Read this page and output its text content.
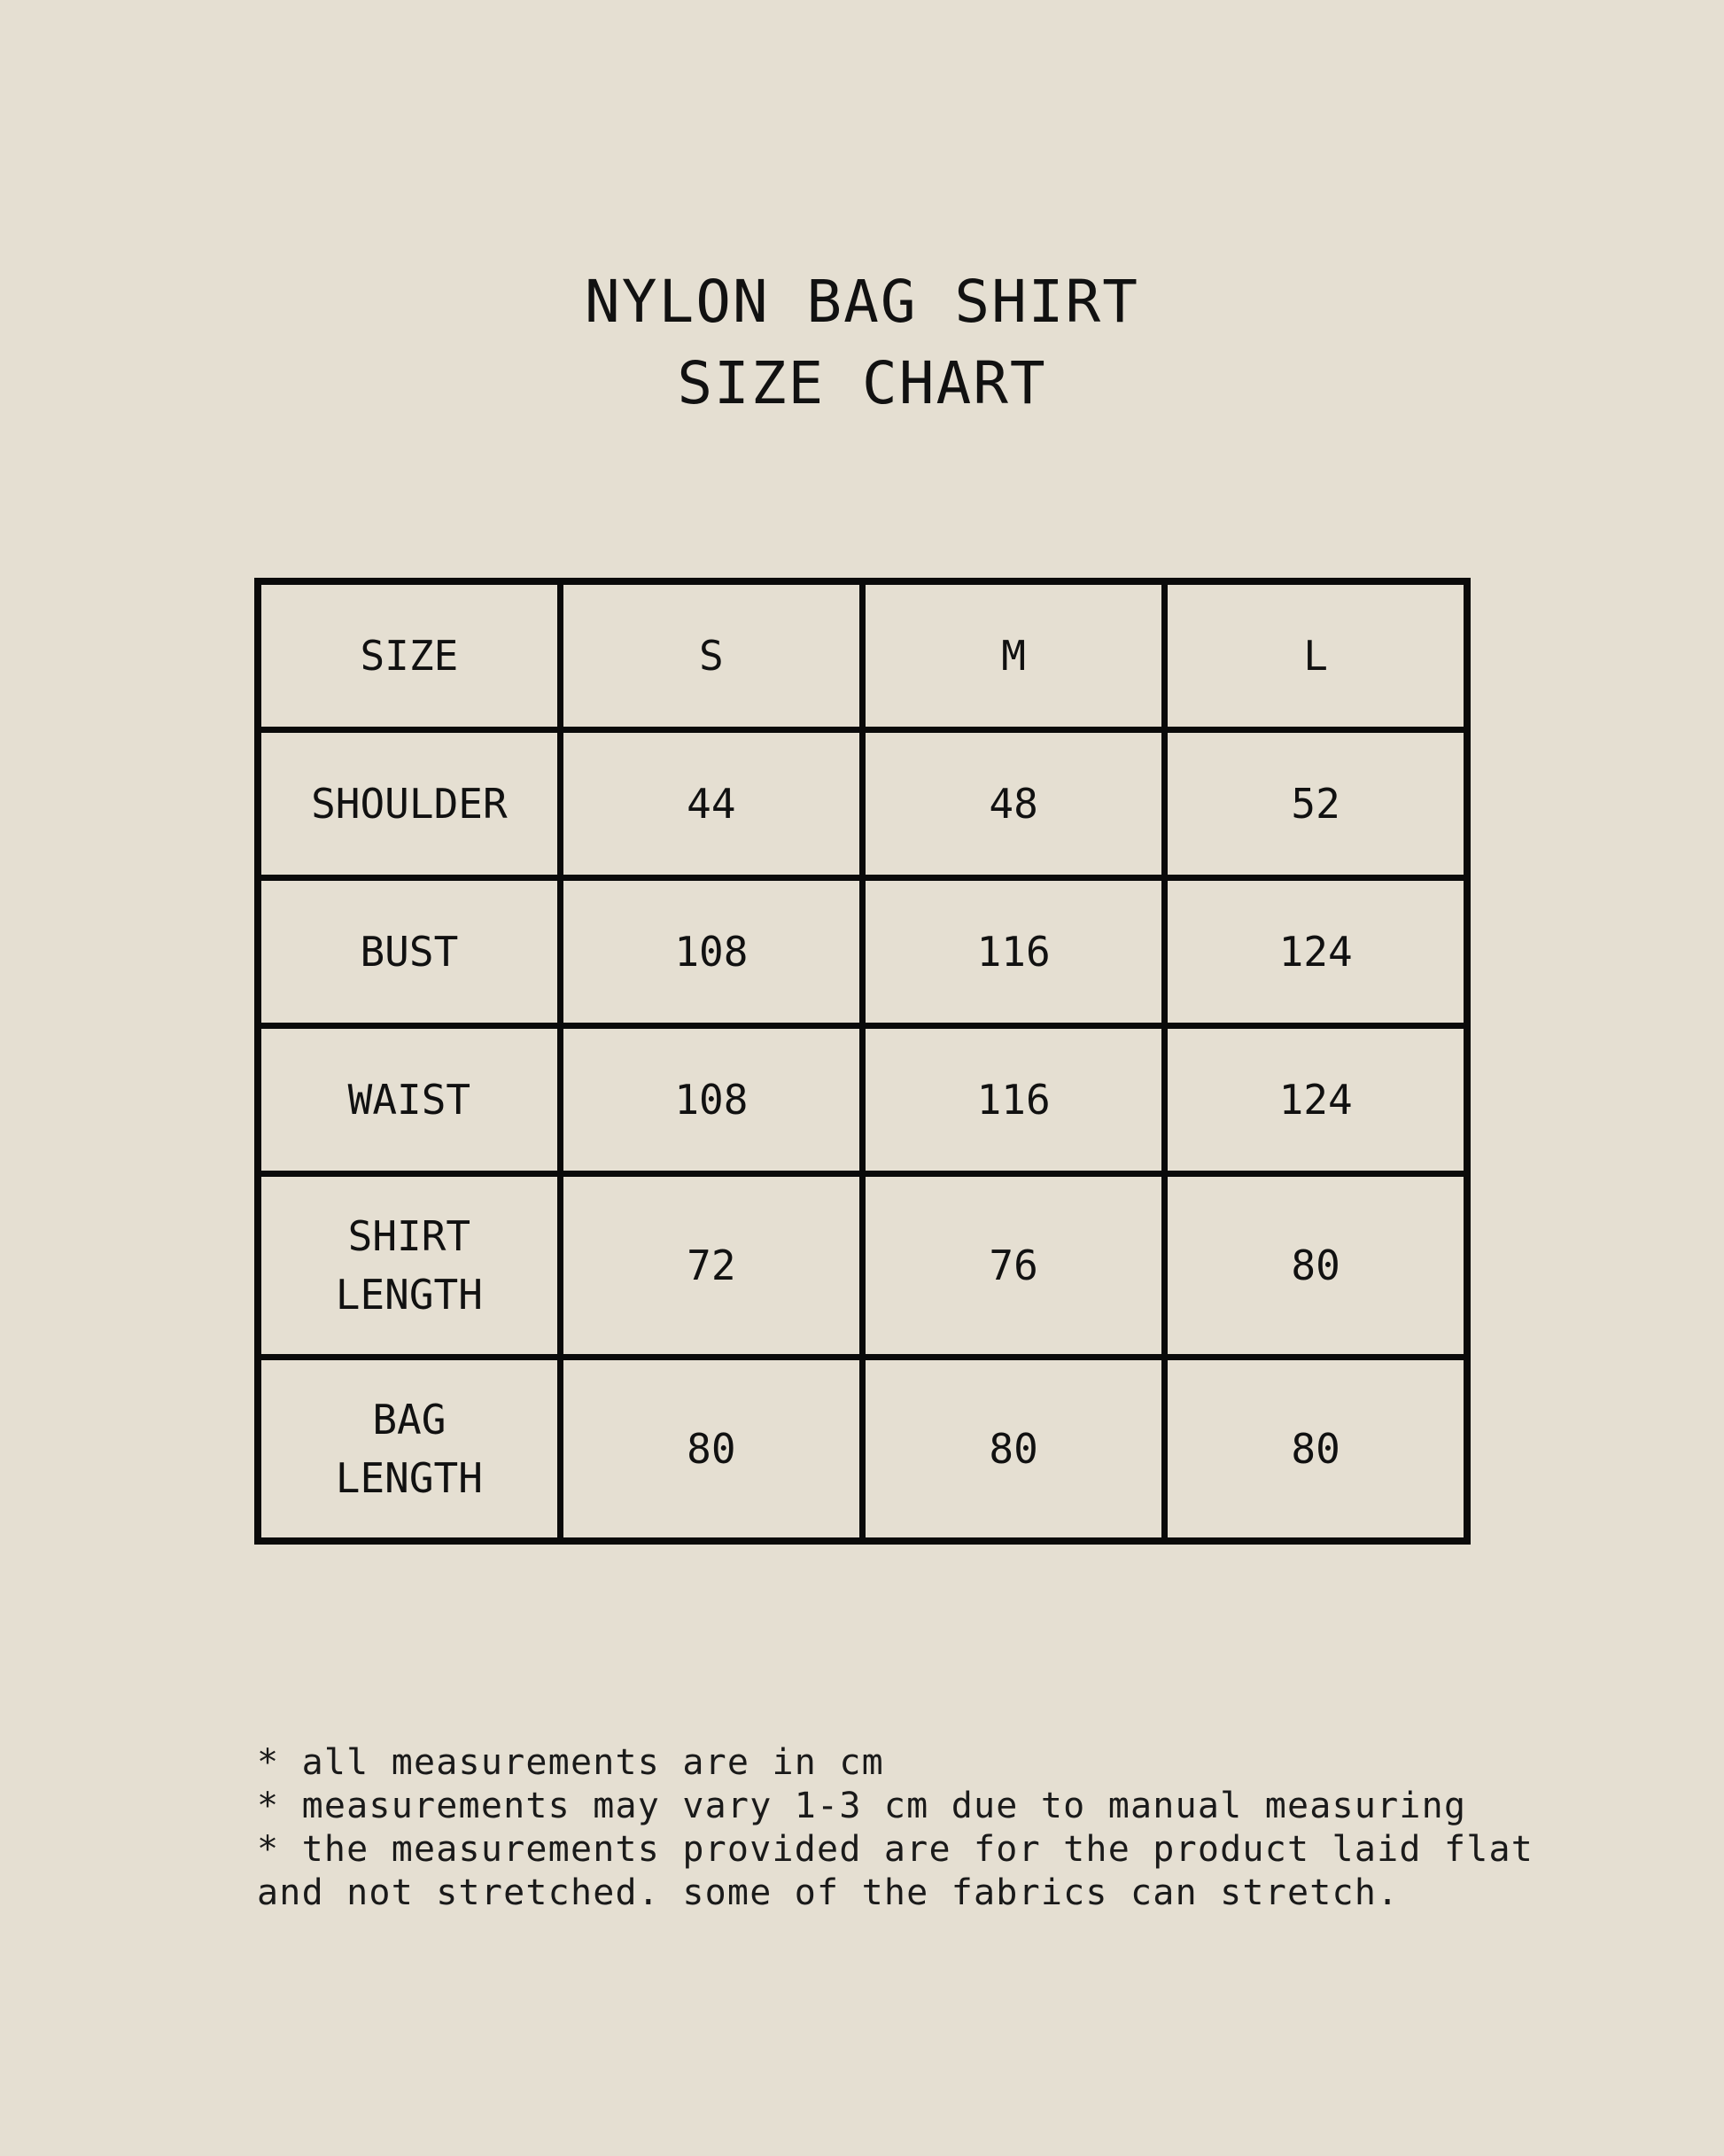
NYLON BAG SHIRT
SIZE CHART
SIZE	S	M	L
SHOULDER	44	48	52
BUST	108	116	124
WAIST	108	116	124
SHIRT
LENGTH	72	76	80
BAG
LENGTH	80	80	80
* all measurements are in cm
* measurements may vary 1-3 cm due to manual measuring
* the measurements provided are for the product laid flat
and not stretched. some of the fabrics can stretch.
